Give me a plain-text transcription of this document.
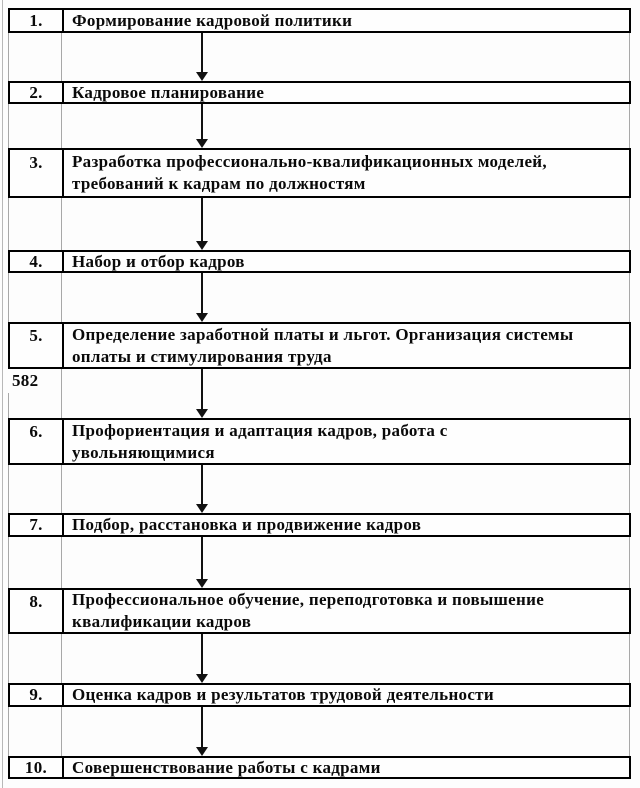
1.	Формирование кадровой политики
2.	Кадровое планирование
3.	Разработка профессионально-квалификационных моделей,
требований к кадрам по должностям
4.	Набор и отбор кадров
5.	Определение заработной платы и льгот. Организация системы
оплаты и стимулирования труда
582
6.	Профориентация и адаптация кадров, работа с
увольняющимися
7.	Подбор, расстановка и продвижение кадров
8.	Профессиональное обучение, переподготовка и повышение
квалификации кадров
9.	Оценка кадров и результатов трудовой деятельности
10.	Совершенствование работы с кадрами
